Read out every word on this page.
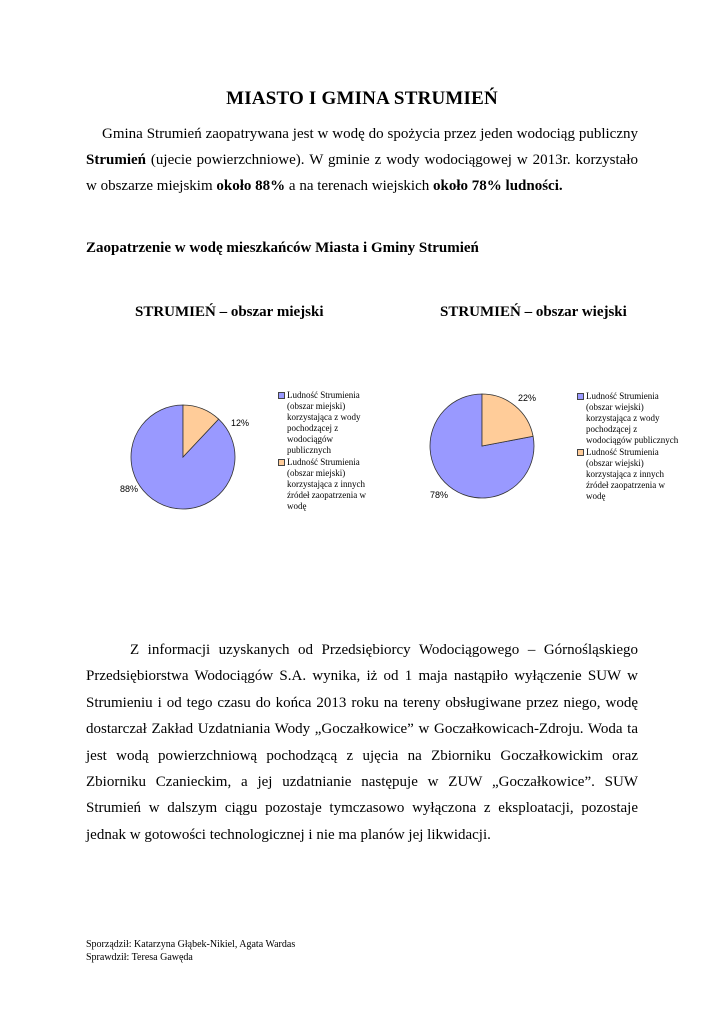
MIASTO I GMINA STRUMIEŃ
Gmina Strumień zaopatrywana jest w wodę do spożycia przez jeden wodociąg publiczny Strumień (ujecie powierzchniowe). W gminie z wody wodociągowej w 2013r. korzystało w obszarze miejskim około 88% a na terenach wiejskich około 78% ludności.
Zaopatrzenie w wodę mieszkańców Miasta i Gminy Strumień
STRUMIEŃ – obszar miejski	STRUMIEŃ – obszar wiejski
88%
12%
78%
22%
Ludność Strumienia
(obszar miejski)
korzystająca z wody
pochodzącej z
wodociągów
publicznych
Ludność Strumienia
(obszar miejski)
korzystająca z innych
źródeł zaopatrzenia w
wodę
Ludność Strumienia
(obszar wiejski)
korzystająca z wody
pochodzącej z
wodociągów publicznych
Ludność Strumienia
(obszar wiejski)
korzystająca z innych
źródeł zaopatrzenia w
wodę
Z informacji uzyskanych od Przedsiębiorcy Wodociągowego – Górnośląskiego Przedsiębiorstwa Wodociągów S.A. wynika, iż od 1 maja nastąpiło wyłączenie SUW w Strumieniu i od tego czasu do końca 2013 roku na tereny obsługiwane przez niego, wodę dostarczał Zakład Uzdatniania Wody „Goczałkowice” w Goczałkowicach-Zdroju. Woda ta jest wodą powierzchniową pochodzącą z ujęcia na Zbiorniku Goczałkowickim oraz Zbiorniku Czanieckim, a jej uzdatnianie następuje w ZUW „Goczałkowice”. SUW Strumień w dalszym ciągu pozostaje tymczasowo wyłączona z eksploatacji, pozostaje jednak w gotowości technologicznej i nie ma planów jej likwidacji.
Sporządził: Katarzyna Głąbek-Nikiel, Agata Wardas
Sprawdził: Teresa Gawęda
